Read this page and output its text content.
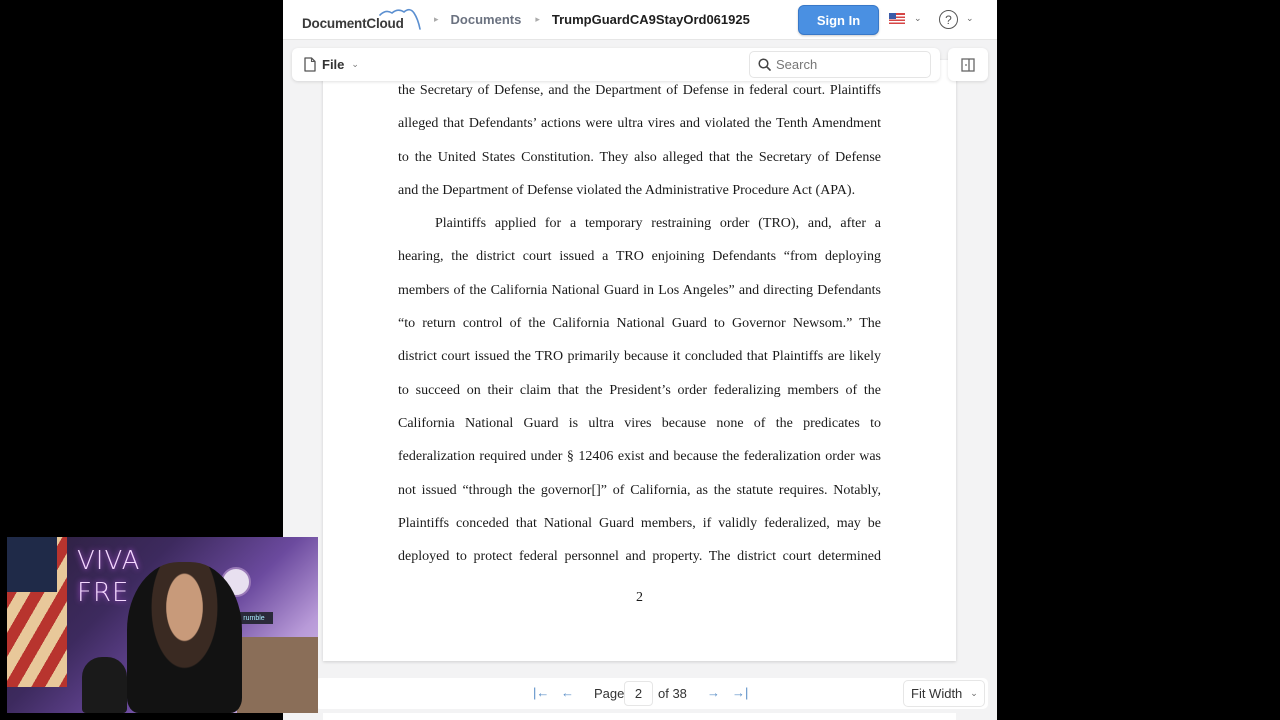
DocumentCloud	▸ Documents ▸ TrumpGuardCA9StayOrd061925	Sign In	⌄	?	⌄
the Secretary of Defense, and the Department of Defense in federal court. Plaintiffs
alleged that Defendants’ actions were ultra vires and violated the Tenth Amendment
to the United States Constitution. They also alleged that the Secretary of Defense
and the Department of Defense violated the Administrative Procedure Act (APA).
Plaintiffs applied for a temporary restraining order (TRO), and, after a
hearing, the district court issued a TRO enjoining Defendants “from deploying
members of the California National Guard in Los Angeles” and directing Defendants
“to return control of the California National Guard to Governor Newsom.” The
district court issued the TRO primarily because it concluded that Plaintiffs are likely
to succeed on their claim that the President’s order federalizing members of the
California National Guard is ultra vires because none of the predicates to
federalization required under § 12406 exist and because the federalization order was
not issued “through the governor[]” of California, as the statute requires. Notably,
Plaintiffs conceded that National Guard members, if validly federalized, may be
deployed to protect federal personnel and property. The district court determined
2
File ⌄	Search
|← ← Page 2	of 38 → →|	Fit Width ⌄
VIVA
FRE
rumble
